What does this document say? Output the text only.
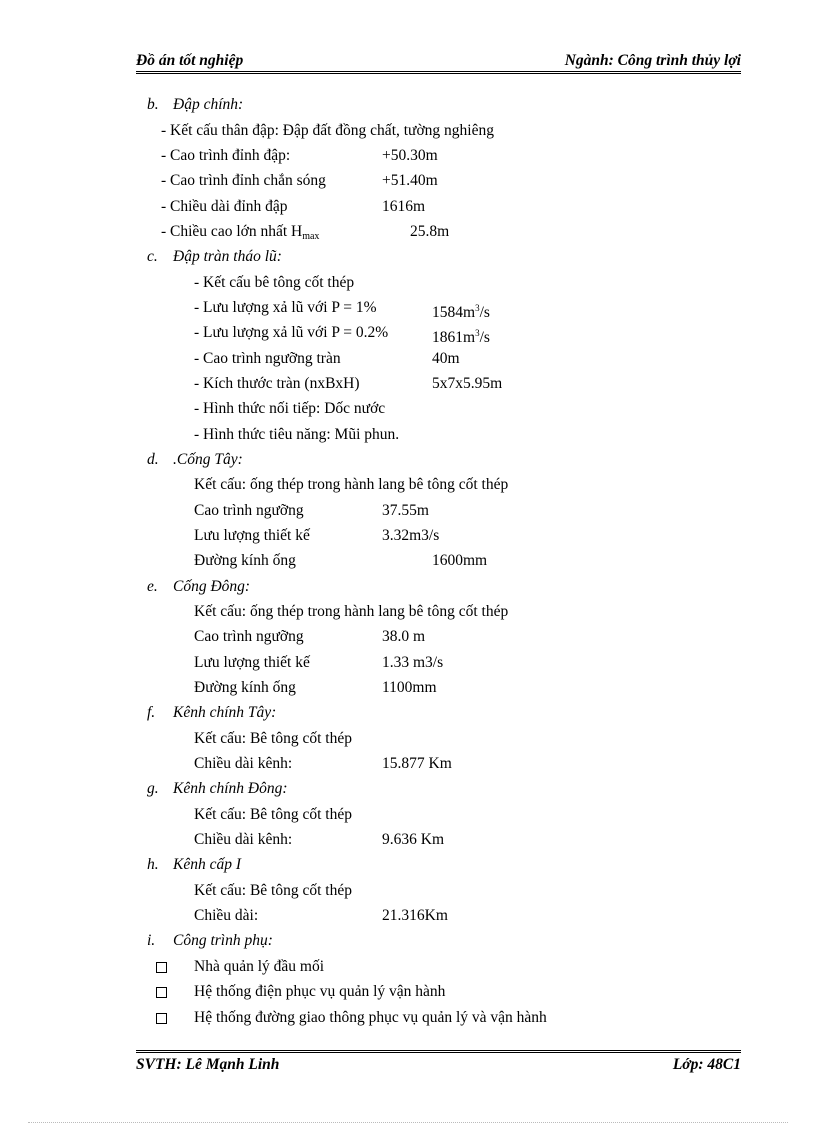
Đồ án tốt nghiệp	Ngành: Công trình thủy lợi
b. Đập chính:
- Kết cấu thân đập: Đập đất đồng chất, tường nghiêng
- Cao trình đỉnh đập:	+50.30m
- Cao trình đỉnh chắn sóng	+51.40m
- Chiều dài đỉnh đập	1616m
- Chiều cao lớn nhất $H_{max}$	25.8m
c. Đập tràn tháo lũ:
- Kết cấu bê tông cốt thép
- Lưu lượng xả lũ với P = 1%	$1584m^3/s$
- Lưu lượng xả lũ với P = 0.2%	$1861m^3/s$
- Cao trình ngưỡng tràn	40m
- Kích thước tràn (nxBxH)	5x7x5.95m
- Hình thức nối tiếp: Dốc nước
- Hình thức tiêu năng: Mũi phun.
d. .Cống Tây:
Kết cấu: ống thép trong hành lang bê tông cốt thép
Cao trình ngưỡng	37.55m
Lưu lượng thiết kế	3.32m3/s
Đường kính ống	1600mm
e. Cống Đông:
Kết cấu: ống thép trong hành lang bê tông cốt thép
Cao trình ngưỡng	38.0 m
Lưu lượng thiết kế	1.33 m3/s
Đường kính ống	1100mm
f. Kênh chính Tây:
Kết cấu: Bê tông cốt thép
Chiều dài kênh:	15.877 Km
g. Kênh chính Đông:
Kết cấu: Bê tông cốt thép
Chiều dài kênh:	9.636 Km
h. Kênh cấp I
Kết cấu: Bê tông cốt thép
Chiều dài:	21.316Km
i. Công trình phụ:
Nhà quản lý đầu mối
Hệ thống điện phục vụ quản lý vận hành
Hệ thống đường giao thông phục vụ quản lý và vận hành
SVTH: Lê Mạnh Linh	Lớp: 48C1
